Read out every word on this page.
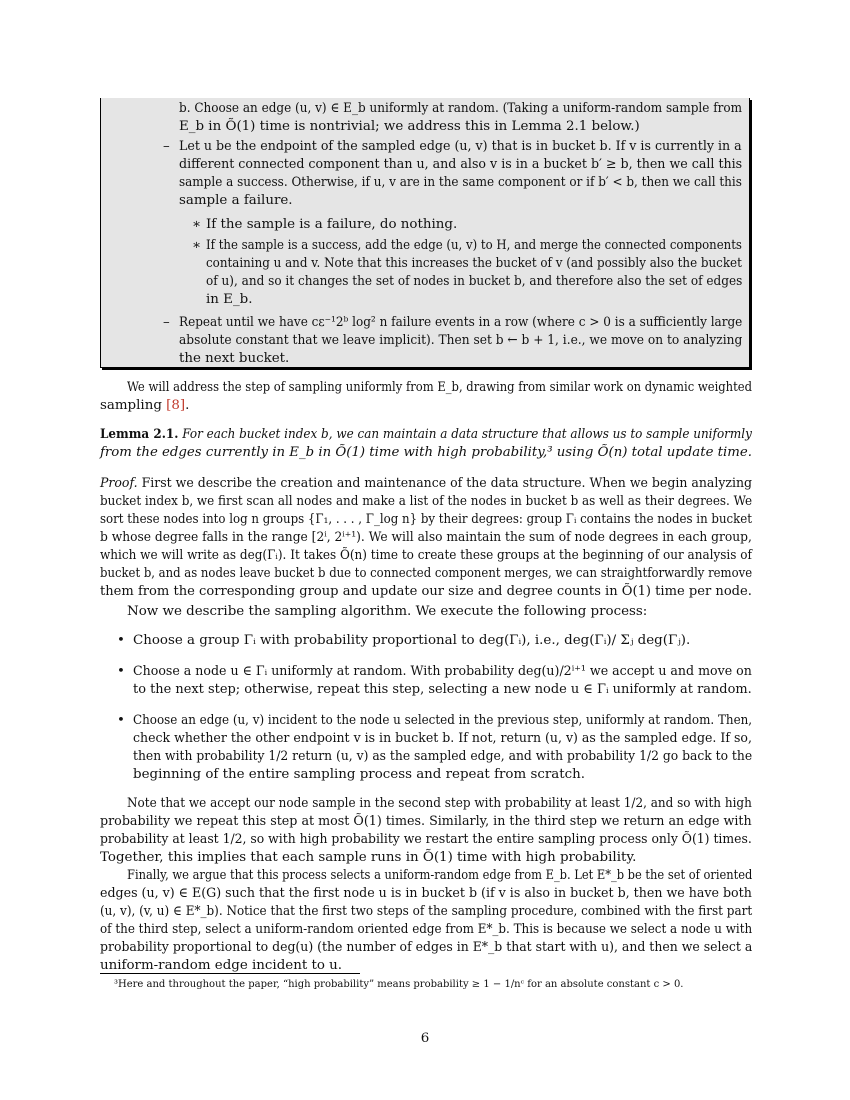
b. Choose an edge (u, v) ∈ E_b uniformly at random. (Taking a uniform-random sample from
E_b in Õ(1) time is nontrivial; we address this in Lemma 2.1 below.)
– Let u be the endpoint of the sampled edge (u, v) that is in bucket b. If v is currently in a
different connected component than u, and also v is in a bucket b′ ≥ b, then we call this
sample a success. Otherwise, if u, v are in the same component or if b′ < b, then we call this
sample a failure.
∗ If the sample is a failure, do nothing.
∗ If the sample is a success, add the edge (u, v) to H, and merge the connected components
containing u and v. Note that this increases the bucket of v (and possibly also the bucket
of u), and so it changes the set of nodes in bucket b, and therefore also the set of edges
in E_b.
– Repeat until we have cε⁻¹2ᵇ log² n failure events in a row (where c > 0 is a sufficiently large
absolute constant that we leave implicit). Then set b ← b + 1, i.e., we move on to analyzing
the next bucket.
We will address the step of sampling uniformly from E_b, drawing from similar work on dynamic weighted
sampling [8].
Lemma 2.1. For each bucket index b, we can maintain a data structure that allows us to sample uniformly
from the edges currently in E_b in Õ(1) time with high probability,³ using Õ(n) total update time.
Proof. First we describe the creation and maintenance of the data structure. When we begin analyzing
bucket index b, we first scan all nodes and make a list of the nodes in bucket b as well as their degrees. We
sort these nodes into log n groups {Γ₁, . . . , Γ_log n} by their degrees: group Γᵢ contains the nodes in bucket
b whose degree falls in the range [2ⁱ, 2ⁱ⁺¹). We will also maintain the sum of node degrees in each group,
which we will write as deg(Γᵢ). It takes Õ(n) time to create these groups at the beginning of our analysis of
bucket b, and as nodes leave bucket b due to connected component merges, we can straightforwardly remove
them from the corresponding group and update our size and degree counts in Õ(1) time per node.
Now we describe the sampling algorithm. We execute the following process:
• Choose a group Γᵢ with probability proportional to deg(Γᵢ), i.e., deg(Γᵢ)/ Σⱼ deg(Γⱼ).
• Choose a node u ∈ Γᵢ uniformly at random. With probability deg(u)/2ⁱ⁺¹ we accept u and move on
to the next step; otherwise, repeat this step, selecting a new node u ∈ Γᵢ uniformly at random.
• Choose an edge (u, v) incident to the node u selected in the previous step, uniformly at random. Then,
check whether the other endpoint v is in bucket b. If not, return (u, v) as the sampled edge. If so,
then with probability 1/2 return (u, v) as the sampled edge, and with probability 1/2 go back to the
beginning of the entire sampling process and repeat from scratch.
Note that we accept our node sample in the second step with probability at least 1/2, and so with high
probability we repeat this step at most Õ(1) times. Similarly, in the third step we return an edge with
probability at least 1/2, so with high probability we restart the entire sampling process only Õ(1) times.
Together, this implies that each sample runs in Õ(1) time with high probability.
Finally, we argue that this process selects a uniform-random edge from E_b. Let E*_b be the set of oriented
edges (u, v) ∈ E(G) such that the first node u is in bucket b (if v is also in bucket b, then we have both
(u, v), (v, u) ∈ E*_b). Notice that the first two steps of the sampling procedure, combined with the first part
of the third step, select a uniform-random oriented edge from E*_b. This is because we select a node u with
probability proportional to deg(u) (the number of edges in E*_b that start with u), and then we select a
uniform-random edge incident to u.
³Here and throughout the paper, “high probability” means probability ≥ 1 − 1/nᶜ for an absolute constant c > 0.
6
